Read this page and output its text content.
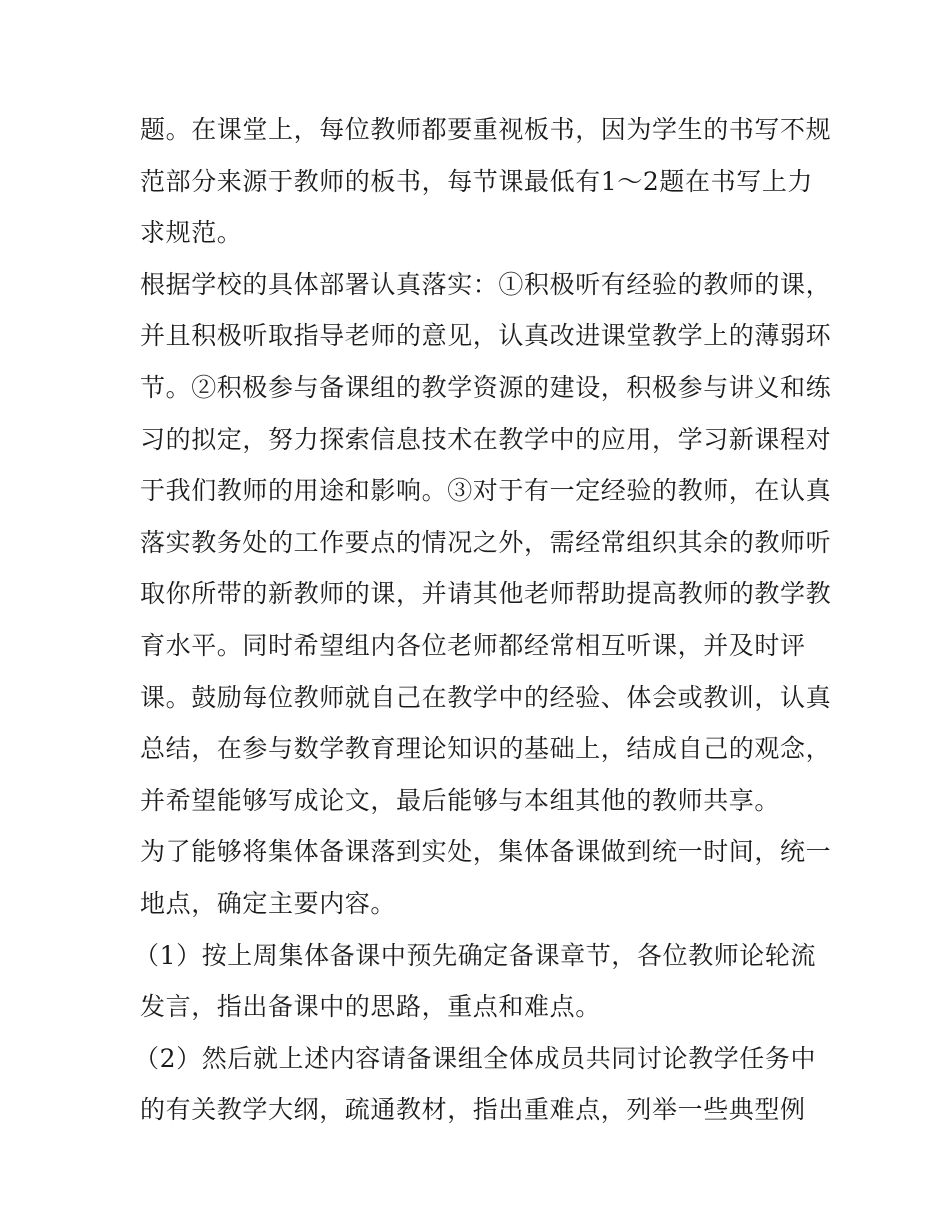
题。在课堂上，每位教师都要重视板书，因为学生的书写不规
范部分来源于教师的板书，每节课最低有1～2题在书写上力
求规范。
根据学校的具体部署认真落实：①积极听有经验的教师的课，
并且积极听取指导老师的意见，认真改进课堂教学上的薄弱环
节。②积极参与备课组的教学资源的建设，积极参与讲义和练
习的拟定，努力探索信息技术在教学中的应用，学习新课程对
于我们教师的用途和影响。③对于有一定经验的教师，在认真
落实教务处的工作要点的情况之外，需经常组织其余的教师听
取你所带的新教师的课，并请其他老师帮助提高教师的教学教
育水平。同时希望组内各位老师都经常相互听课，并及时评
课。鼓励每位教师就自己在教学中的经验、体会或教训，认真
总结，在参与数学教育理论知识的基础上，结成自己的观念，
并希望能够写成论文，最后能够与本组其他的教师共享。
为了能够将集体备课落到实处，集体备课做到统一时间，统一
地点，确定主要内容。
（1）按上周集体备课中预先确定备课章节，各位教师论轮流
发言，指出备课中的思路，重点和难点。
（2）然后就上述内容请备课组全体成员共同讨论教学任务中
的有关教学大纲，疏通教材，指出重难点，列举一些典型例
